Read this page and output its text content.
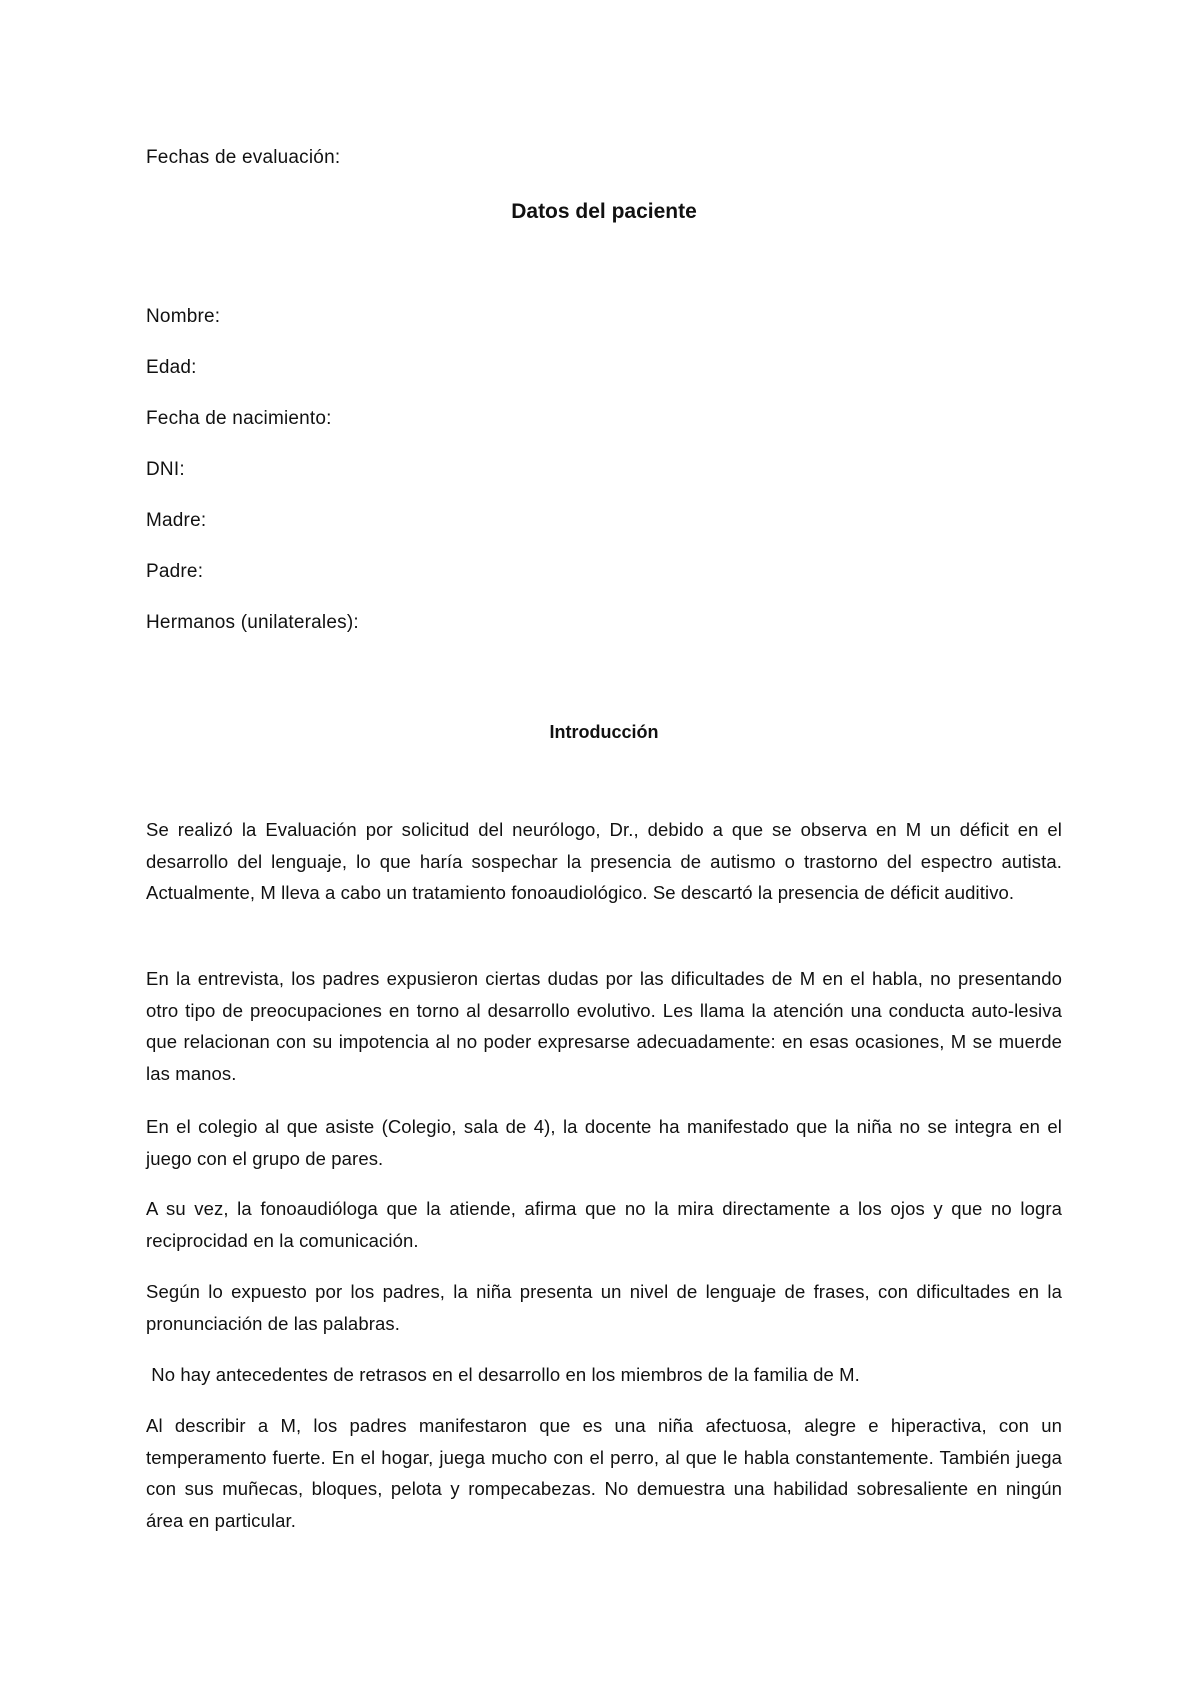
Fechas de evaluación:
Datos del paciente
Nombre:
Edad:
Fecha de nacimiento:
DNI:
Madre:
Padre:
Hermanos (unilaterales):
Introducción

Se realizó la Evaluación por solicitud del neurólogo, Dr., debido a que se observa en M un déficit en el desarrollo del lenguaje, lo que haría sospechar la presencia de autismo o trastorno del espectro autista. Actualmente, M lleva a cabo un tratamiento fonoaudiológico. Se descartó la presencia de déficit auditivo.

En la entrevista, los padres expusieron ciertas dudas por las dificultades de M en el habla, no presentando otro tipo de preocupaciones en torno al desarrollo evolutivo. Les llama la atención una conducta auto-lesiva que relacionan con su impotencia al no poder expresarse adecuadamente: en esas ocasiones, M se muerde las manos.

En el colegio al que asiste (Colegio, sala de 4), la docente ha manifestado que la niña no se integra en el juego con el grupo de pares.

A su vez, la fonoaudióloga que la atiende, afirma que no la mira directamente a los ojos y que no logra reciprocidad en la comunicación.

Según lo expuesto por los padres, la niña presenta un nivel de lenguaje de frases, con dificultades en la pronunciación de las palabras.

No hay antecedentes de retrasos en el desarrollo en los miembros de la familia de M.

Al describir a M, los padres manifestaron que es una niña afectuosa, alegre e hiperactiva, con un temperamento fuerte. En el hogar, juega mucho con el perro, al que le habla constantemente. También juega con sus muñecas, bloques, pelota y rompecabezas. No demuestra una habilidad sobresaliente en ningún área en particular.
